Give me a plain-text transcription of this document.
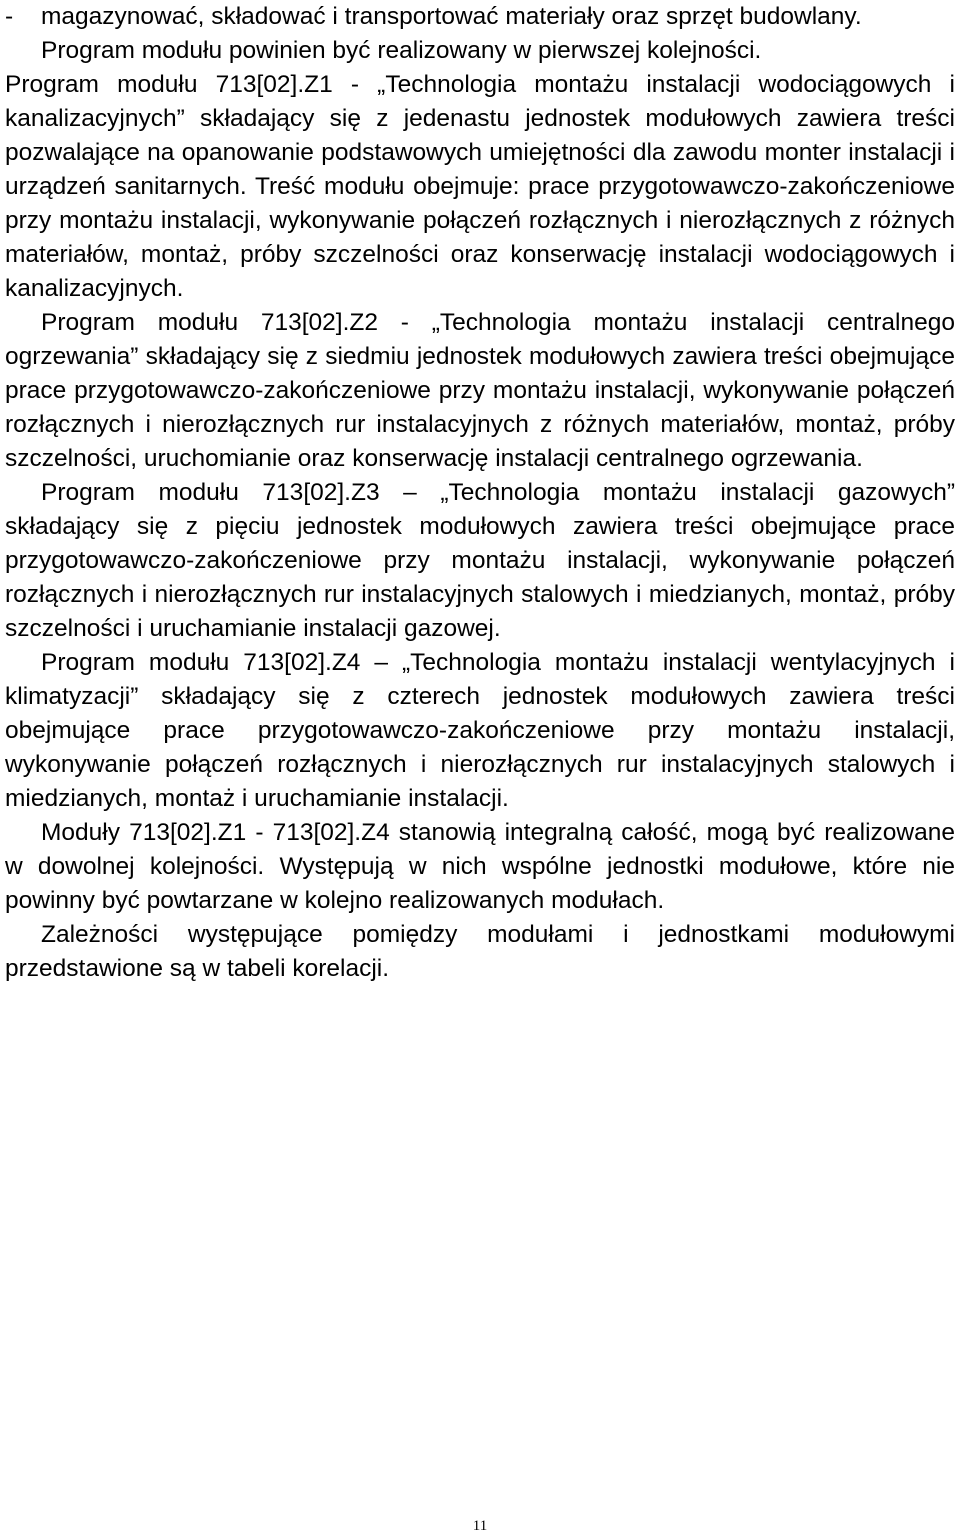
-	magazynować, składować i transportować materiały oraz sprzęt budowlany.

Program modułu powinien być realizowany w pierwszej kolejności.

Program modułu 713[02].Z1 - „Technologia montażu instalacji wodociągowych i kanalizacyjnych” składający się z jedenastu jednostek modułowych zawiera treści pozwalające na opanowanie podstawowych umiejętności dla zawodu monter instalacji i urządzeń sanitarnych. Treść modułu obejmuje: prace przygotowawczo-zakończeniowe przy montażu instalacji, wykonywanie połączeń rozłącznych i nierozłącznych z różnych materiałów, montaż, próby szczelności oraz konserwację instalacji wodociągowych i kanalizacyjnych.

Program modułu 713[02].Z2 - „Technologia montażu instalacji centralnego ogrzewania” składający się z siedmiu jednostek modułowych zawiera treści obejmujące prace przygotowawczo-zakończeniowe przy montażu instalacji, wykonywanie połączeń rozłącznych i nierozłącznych rur instalacyjnych z różnych materiałów, montaż, próby szczelności, uruchomianie oraz konserwację instalacji centralnego ogrzewania.

Program modułu 713[02].Z3 – „Technologia montażu instalacji gazowych” składający się z pięciu jednostek modułowych zawiera treści obejmujące prace przygotowawczo-zakończeniowe przy montażu instalacji, wykonywanie połączeń rozłącznych i nierozłącznych rur instalacyjnych stalowych i miedzianych, montaż, próby szczelności i uruchamianie instalacji gazowej.

Program modułu 713[02].Z4 – „Technologia montażu instalacji wentylacyjnych i klimatyzacji” składający się z czterech jednostek modułowych zawiera treści obejmujące prace przygotowawczo-zakończeniowe przy montażu instalacji, wykonywanie połączeń rozłącznych i nierozłącznych rur instalacyjnych stalowych i miedzianych, montaż i uruchamianie instalacji.

Moduły 713[02].Z1 - 713[02].Z4 stanowią integralną całość, mogą być realizowane w dowolnej kolejności. Występują w nich wspólne jednostki modułowe, które nie powinny być powtarzane w kolejno realizowanych modułach.

Zależności występujące pomiędzy modułami i jednostkami modułowymi przedstawione są w tabeli korelacji.

11
